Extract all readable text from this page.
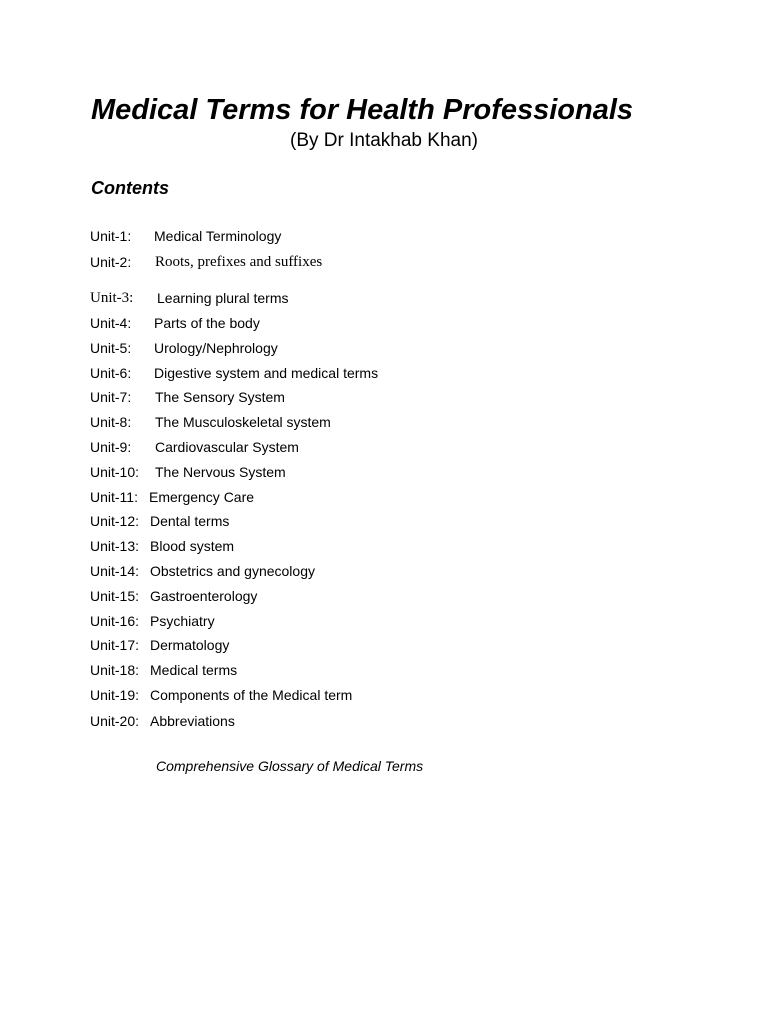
Medical Terms for Health Professionals
(By Dr Intakhab Khan)
Contents
Unit-1: Medical Terminology
Unit-2: Roots, prefixes and suffixes
Unit-3: Learning plural terms
Unit-4: Parts of the body
Unit-5: Urology/Nephrology
Unit-6: Digestive system and medical terms
Unit-7: The Sensory System
Unit-8: The Musculoskeletal system
Unit-9: Cardiovascular System
Unit-10: The Nervous System
Unit-11: Emergency Care
Unit-12: Dental terms
Unit-13: Blood system
Unit-14: Obstetrics and gynecology
Unit-15: Gastroenterology
Unit-16: Psychiatry
Unit-17: Dermatology
Unit-18: Medical terms
Unit-19: Components of the Medical term
Unit-20: Abbreviations
Comprehensive Glossary of Medical Terms
